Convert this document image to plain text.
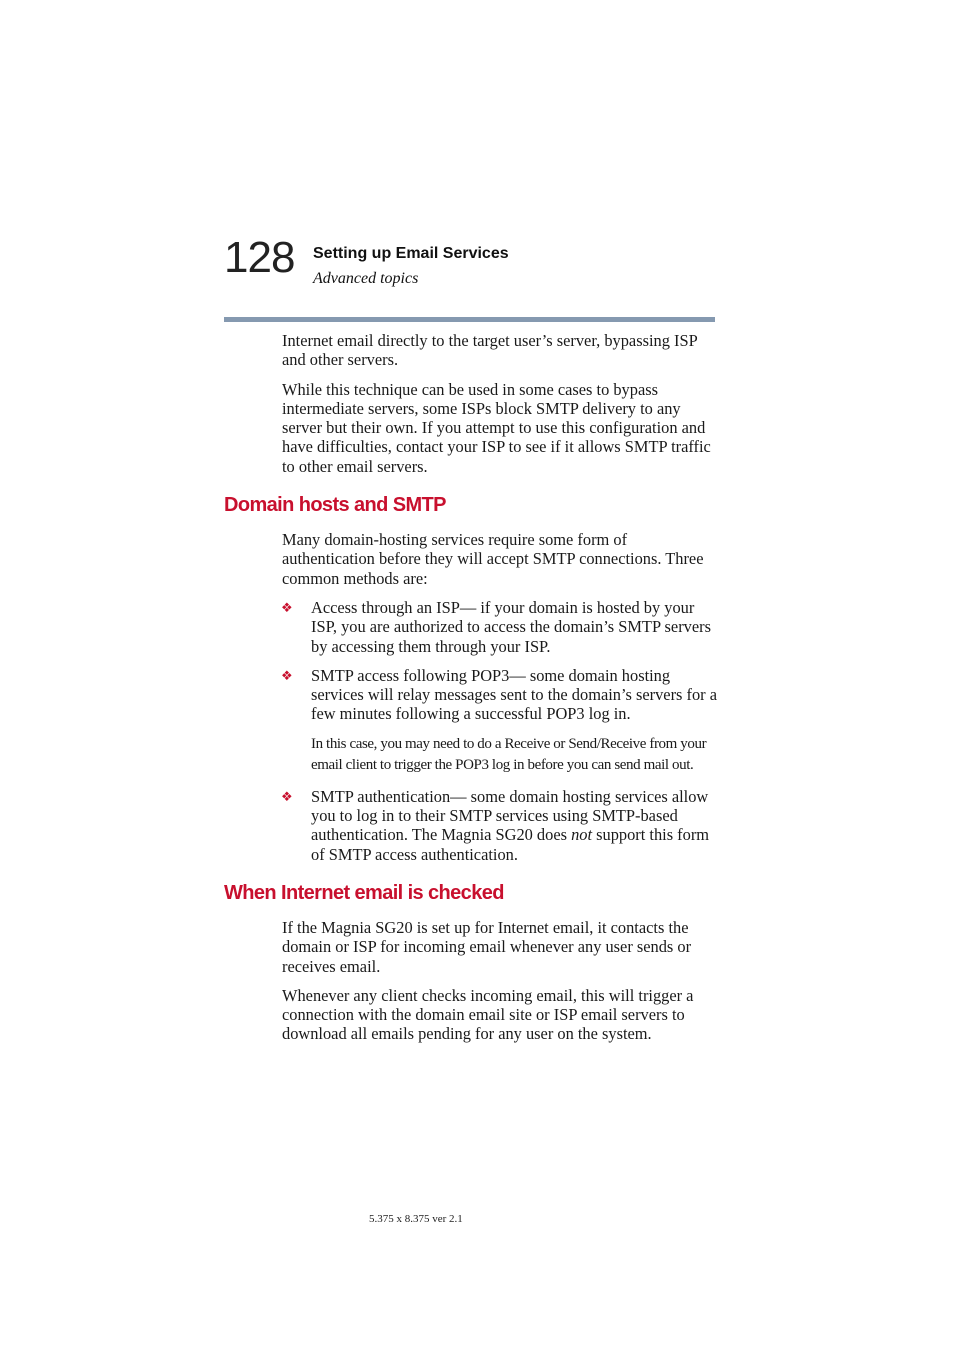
128 Setting up Email Services
Advanced topics

Internet email directly to the target user’s server, bypassing ISP and other servers.

While this technique can be used in some cases to bypass intermediate servers, some ISPs block SMTP delivery to any server but their own. If you attempt to use this configuration and have difficulties, contact your ISP to see if it allows SMTP traffic to other email servers.

Domain hosts and SMTP

Many domain-hosting services require some form of authentication before they will accept SMTP connections. Three common methods are:

❖ Access through an ISP— if your domain is hosted by your ISP, you are authorized to access the domain’s SMTP servers by accessing them through your ISP.
❖ SMTP access following POP3— some domain hosting services will relay messages sent to the domain’s servers for a few minutes following a successful POP3 log in.

In this case, you may need to do a Receive or Send/Receive from your email client to trigger the POP3 log in before you can send mail out.

❖ SMTP authentication— some domain hosting services allow you to log in to their SMTP services using SMTP-based authentication. The Magnia SG20 does not support this form of SMTP access authentication.
When Internet email is checked

If the Magnia SG20 is set up for Internet email, it contacts the domain or ISP for incoming email whenever any user sends or receives email.

Whenever any client checks incoming email, this will trigger a connection with the domain email site or ISP email servers to download all emails pending for any user on the system.

5.375 x 8.375 ver 2.1
